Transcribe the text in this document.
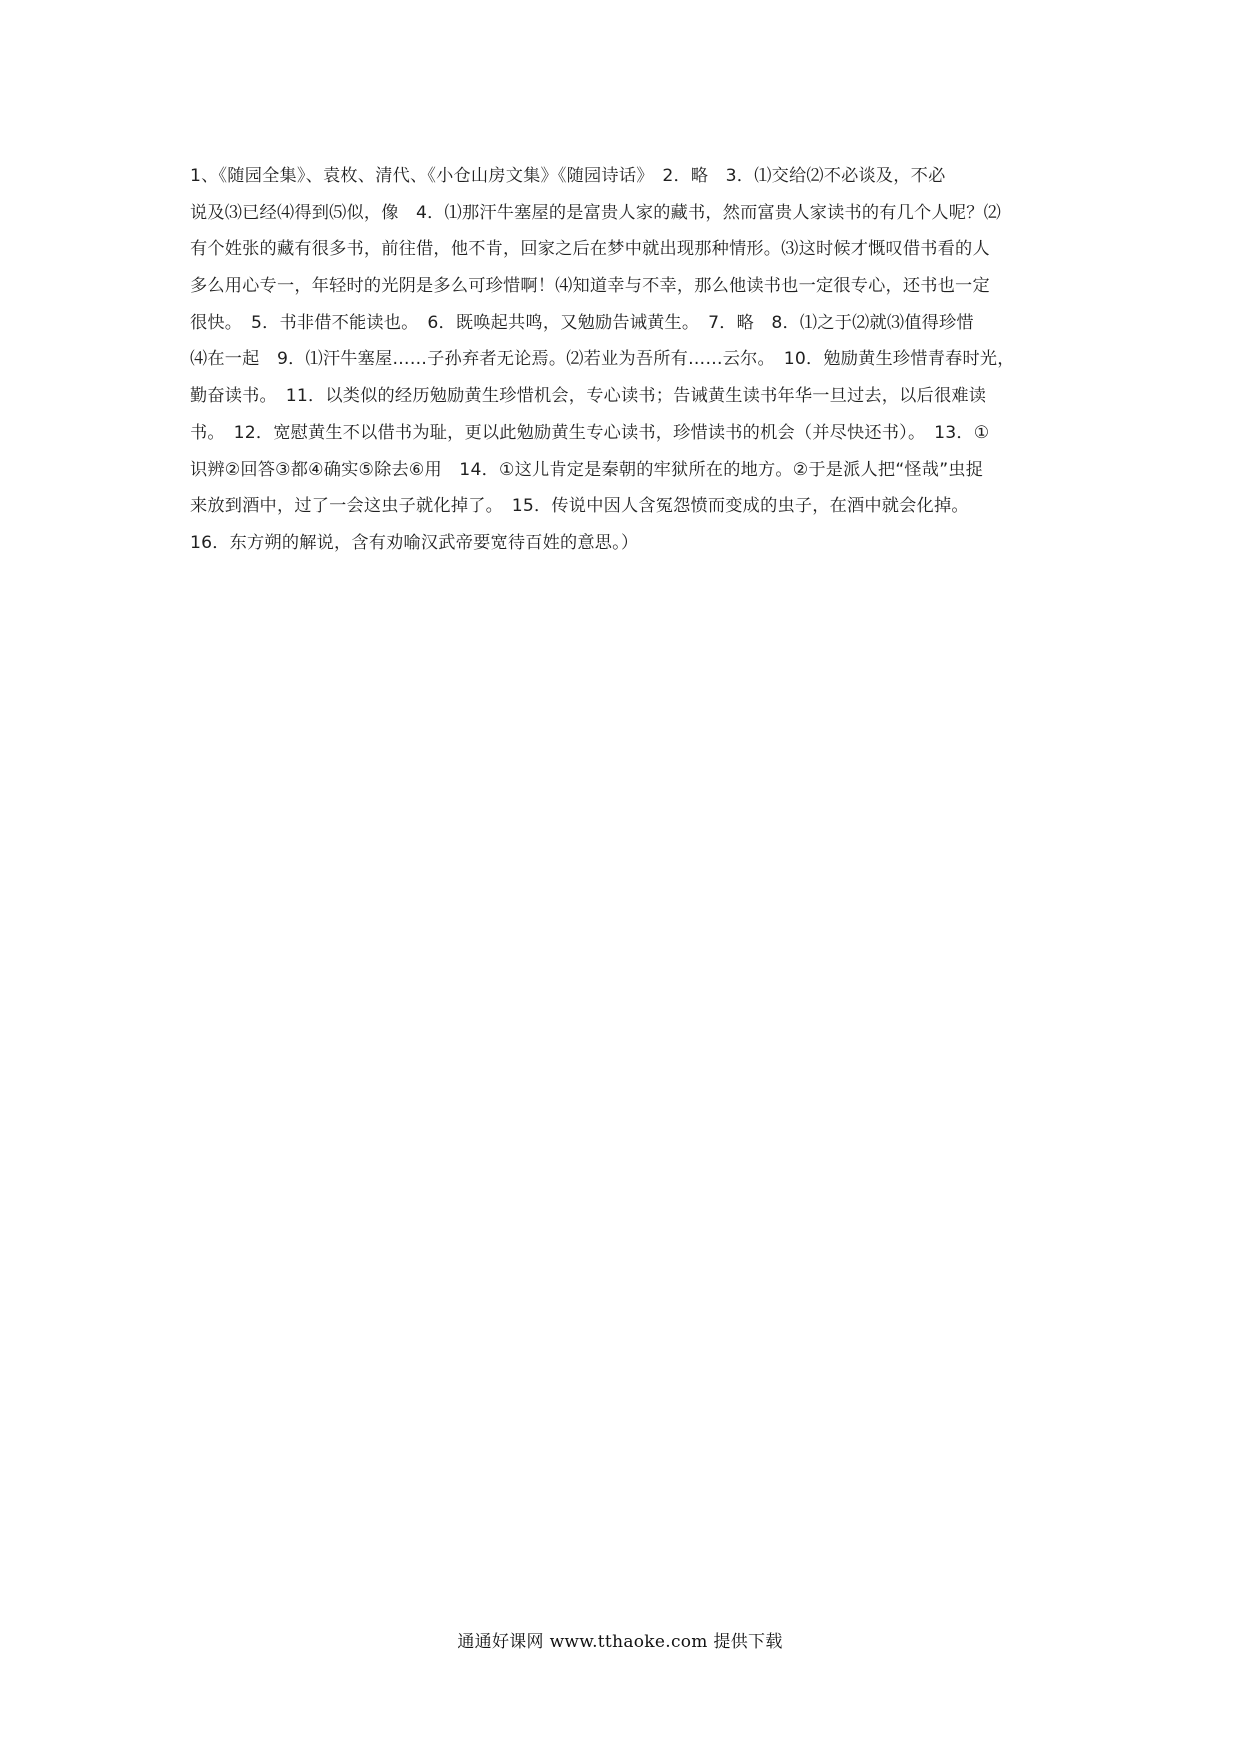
1、《随园全集》、袁枚、清代、《小仓山房文集》《随园诗话》　2．略　3．⑴交给⑵不必谈及，不必
说及⑶已经⑷得到⑸似，像　4．⑴那汗牛塞屋的是富贵人家的藏书，然而富贵人家读书的有几个人呢？⑵
有个姓张的藏有很多书，前往借，他不肯，回家之后在梦中就出现那种情形。⑶这时候才慨叹借书看的人
多么用心专一，年轻时的光阴是多么可珍惜啊！⑷知道幸与不幸，那么他读书也一定很专心，还书也一定
很快。　5．书非借不能读也。　6．既唤起共鸣，又勉励告诫黄生。　7．略　8．⑴之于⑵就⑶值得珍惜
⑷在一起　9．⑴汗牛塞屋……子孙弃者无论焉。⑵若业为吾所有……云尔。　10．勉励黄生珍惜青春时光，
勤奋读书。　11．以类似的经历勉励黄生珍惜机会，专心读书；告诫黄生读书年华一旦过去，以后很难读
书。　12．宽慰黄生不以借书为耻，更以此勉励黄生专心读书，珍惜读书的机会（并尽快还书）。　13．①
识辨②回答③都④确实⑤除去⑥用　14．①这儿肯定是秦朝的牢狱所在的地方。②于是派人把“怪哉”虫捉
来放到酒中，过了一会这虫子就化掉了。　15．传说中因人含冤怨愤而变成的虫子，在酒中就会化掉。
16．东方朔的解说，含有劝喻汉武帝要宽待百姓的意思。）
通通好课网 www.tthaoke.com 提供下载
